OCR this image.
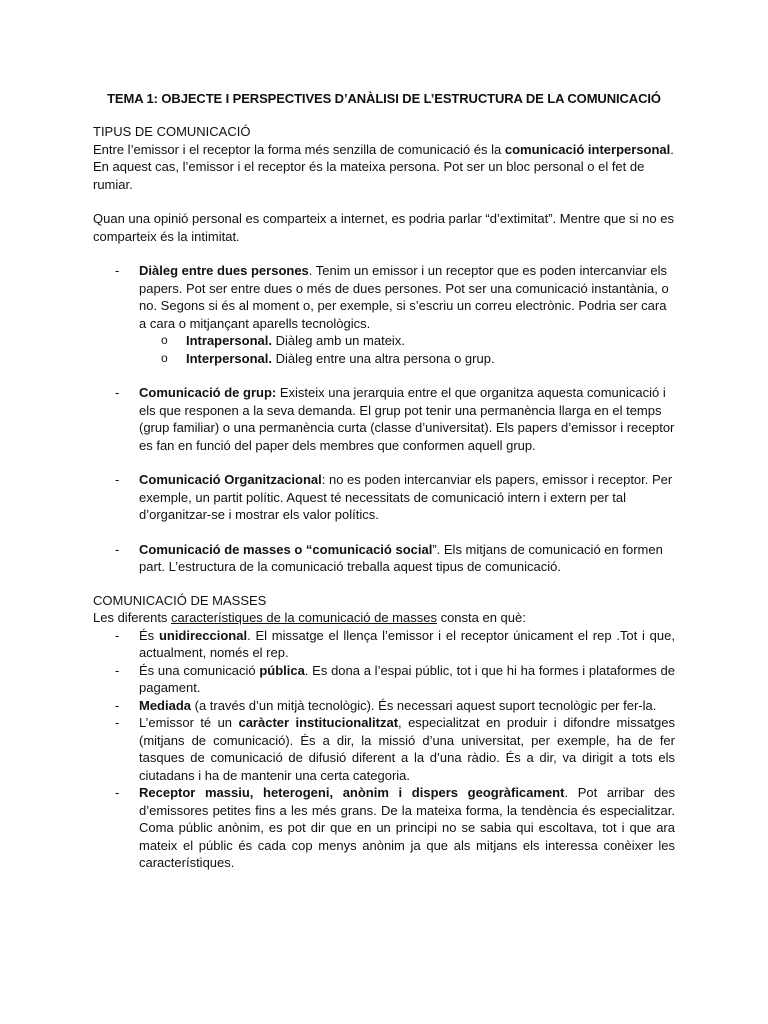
TEMA 1: OBJECTE I PERSPECTIVES D’ANÀLISI DE L’ESTRUCTURA DE LA COMUNICACIÓ

TIPUS DE COMUNICACIÓ

Entre l’emissor i el receptor la forma més senzilla de comunicació és la comunicació interpersonal. En aquest cas, l’emissor i el receptor és la mateixa persona. Pot ser un bloc personal o el fet de rumiar.

Quan una opinió personal es comparteix a internet, es podria parlar “d’extimitat”. Mentre que si no es comparteix és la intimitat.

- Diàleg entre dues persones. Tenim un emissor i un receptor que es poden intercanviar els papers. Pot ser entre dues o més de dues persones. Pot ser una comunicació instantània, o no. Segons si és al moment o, per exemple, si s’escriu un correu electrònic. Podria ser cara a cara o mitjançant aparells tecnològics.
o Intrapersonal. Diàleg amb un mateix.
o Interpersonal. Diàleg entre una altra persona o grup.
- Comunicació de grup: Existeix una jerarquia entre el que organitza aquesta comunicació i els que responen a la seva demanda. El grup pot tenir una permanència llarga en el temps (grup familiar) o una permanència curta (classe d’universitat). Els papers d’emissor i receptor es fan en funció del paper dels membres que conformen aquell grup.
- Comunicació Organitzacional: no es poden intercanviar els papers, emissor i receptor. Per exemple, un partit polític. Aquest té necessitats de comunicació intern i extern per tal d’organitzar-se i mostrar els valor polítics.
- Comunicació de masses o “comunicació social”. Els mitjans de comunicació en formen part. L’estructura de la comunicació treballa aquest tipus de comunicació.

COMUNICACIÓ DE MASSES

Les diferents característiques de la comunicació de masses consta en què:

- És unidireccional. El missatge el llença l’emissor i el receptor únicament el rep .Tot i que, actualment, només el rep.
- És una comunicació pública. Es dona a l’espai públic, tot i que hi ha formes i plataformes de pagament.
- Mediada (a través d’un mitjà tecnològic). És necessari aquest suport tecnològic per fer-la.
- L’emissor té un caràcter institucionalitzat, especialitzat en produir i difondre missatges (mitjans de comunicació). És a dir, la missió d’una universitat, per exemple, ha de fer tasques de comunicació de difusió diferent a la d’una ràdio. És a dir, va dirigit a tots els ciutadans i ha de mantenir una certa categoria.
- Receptor massiu, heterogeni, anònim i dispers geogràficament. Pot arribar des d’emissores petites fins a les més grans. De la mateixa forma, la tendència és especialitzar. Coma públic anònim, es pot dir que en un principi no se sabia qui escoltava, tot i que ara mateix el públic és cada cop menys anònim ja que als mitjans els interessa conèixer les característiques.
